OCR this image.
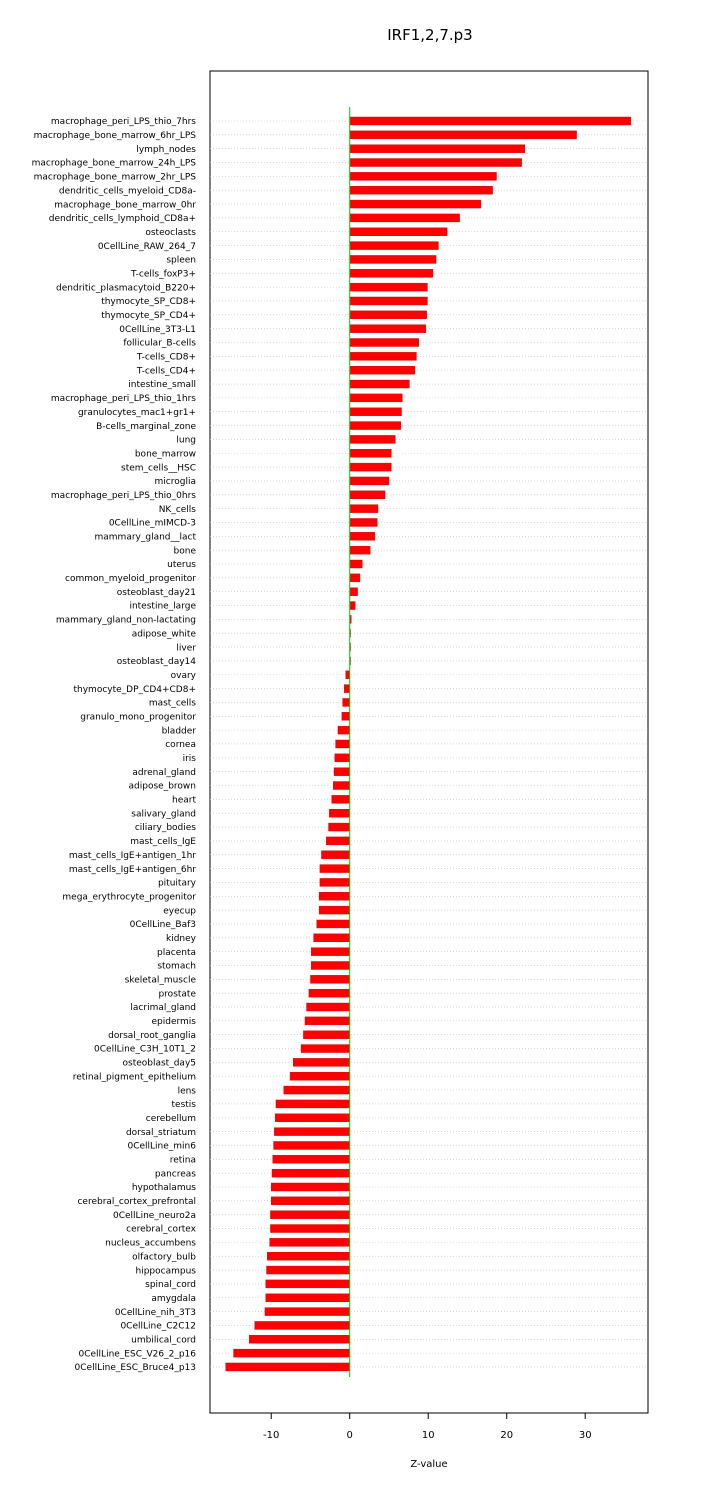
IRF1,2,7.p3
macrophage_peri_LPS_thio_7hrs
macrophage_bone_marrow_6hr_LPS
lymph_nodes
macrophage_bone_marrow_24h_LPS
macrophage_bone_marrow_2hr_LPS
dendritic_cells_myeloid_CD8a-
macrophage_bone_marrow_0hr
dendritic_cells_lymphoid_CD8a+
osteoclasts
0CellLine_RAW_264_7
spleen
T-cells_foxP3+
dendritic_plasmacytoid_B220+
thymocyte_SP_CD8+
thymocyte_SP_CD4+
0CellLine_3T3-L1
follicular_B-cells
T-cells_CD8+
T-cells_CD4+
intestine_small
macrophage_peri_LPS_thio_1hrs
granulocytes_mac1+gr1+
B-cells_marginal_zone
lung
bone_marrow
stem_cells__HSC
microglia
macrophage_peri_LPS_thio_0hrs
NK_cells
0CellLine_mIMCD-3
mammary_gland__lact
bone
uterus
common_myeloid_progenitor
osteoblast_day21
intestine_large
mammary_gland_non-lactating
adipose_white
liver
osteoblast_day14
ovary
thymocyte_DP_CD4+CD8+
mast_cells
granulo_mono_progenitor
bladder
cornea
iris
adrenal_gland
adipose_brown
heart
salivary_gland
ciliary_bodies
mast_cells_IgE
mast_cells_IgE+antigen_1hr
mast_cells_IgE+antigen_6hr
pituitary
mega_erythrocyte_progenitor
eyecup
0CellLine_Baf3
kidney
placenta
stomach
skeletal_muscle
prostate
lacrimal_gland
epidermis
dorsal_root_ganglia
0CellLine_C3H_10T1_2
osteoblast_day5
retinal_pigment_epithelium
lens
testis
cerebellum
dorsal_striatum
0CellLine_min6
retina
pancreas
hypothalamus
cerebral_cortex_prefrontal
0CellLine_neuro2a
cerebral_cortex
nucleus_accumbens
olfactory_bulb
hippocampus
spinal_cord
amygdala
0CellLine_nih_3T3
0CellLine_C2C12
umbilical_cord
0CellLine_ESC_V26_2_p16
0CellLine_ESC_Bruce4_p13
-10	0	10	20	30
Z-value
